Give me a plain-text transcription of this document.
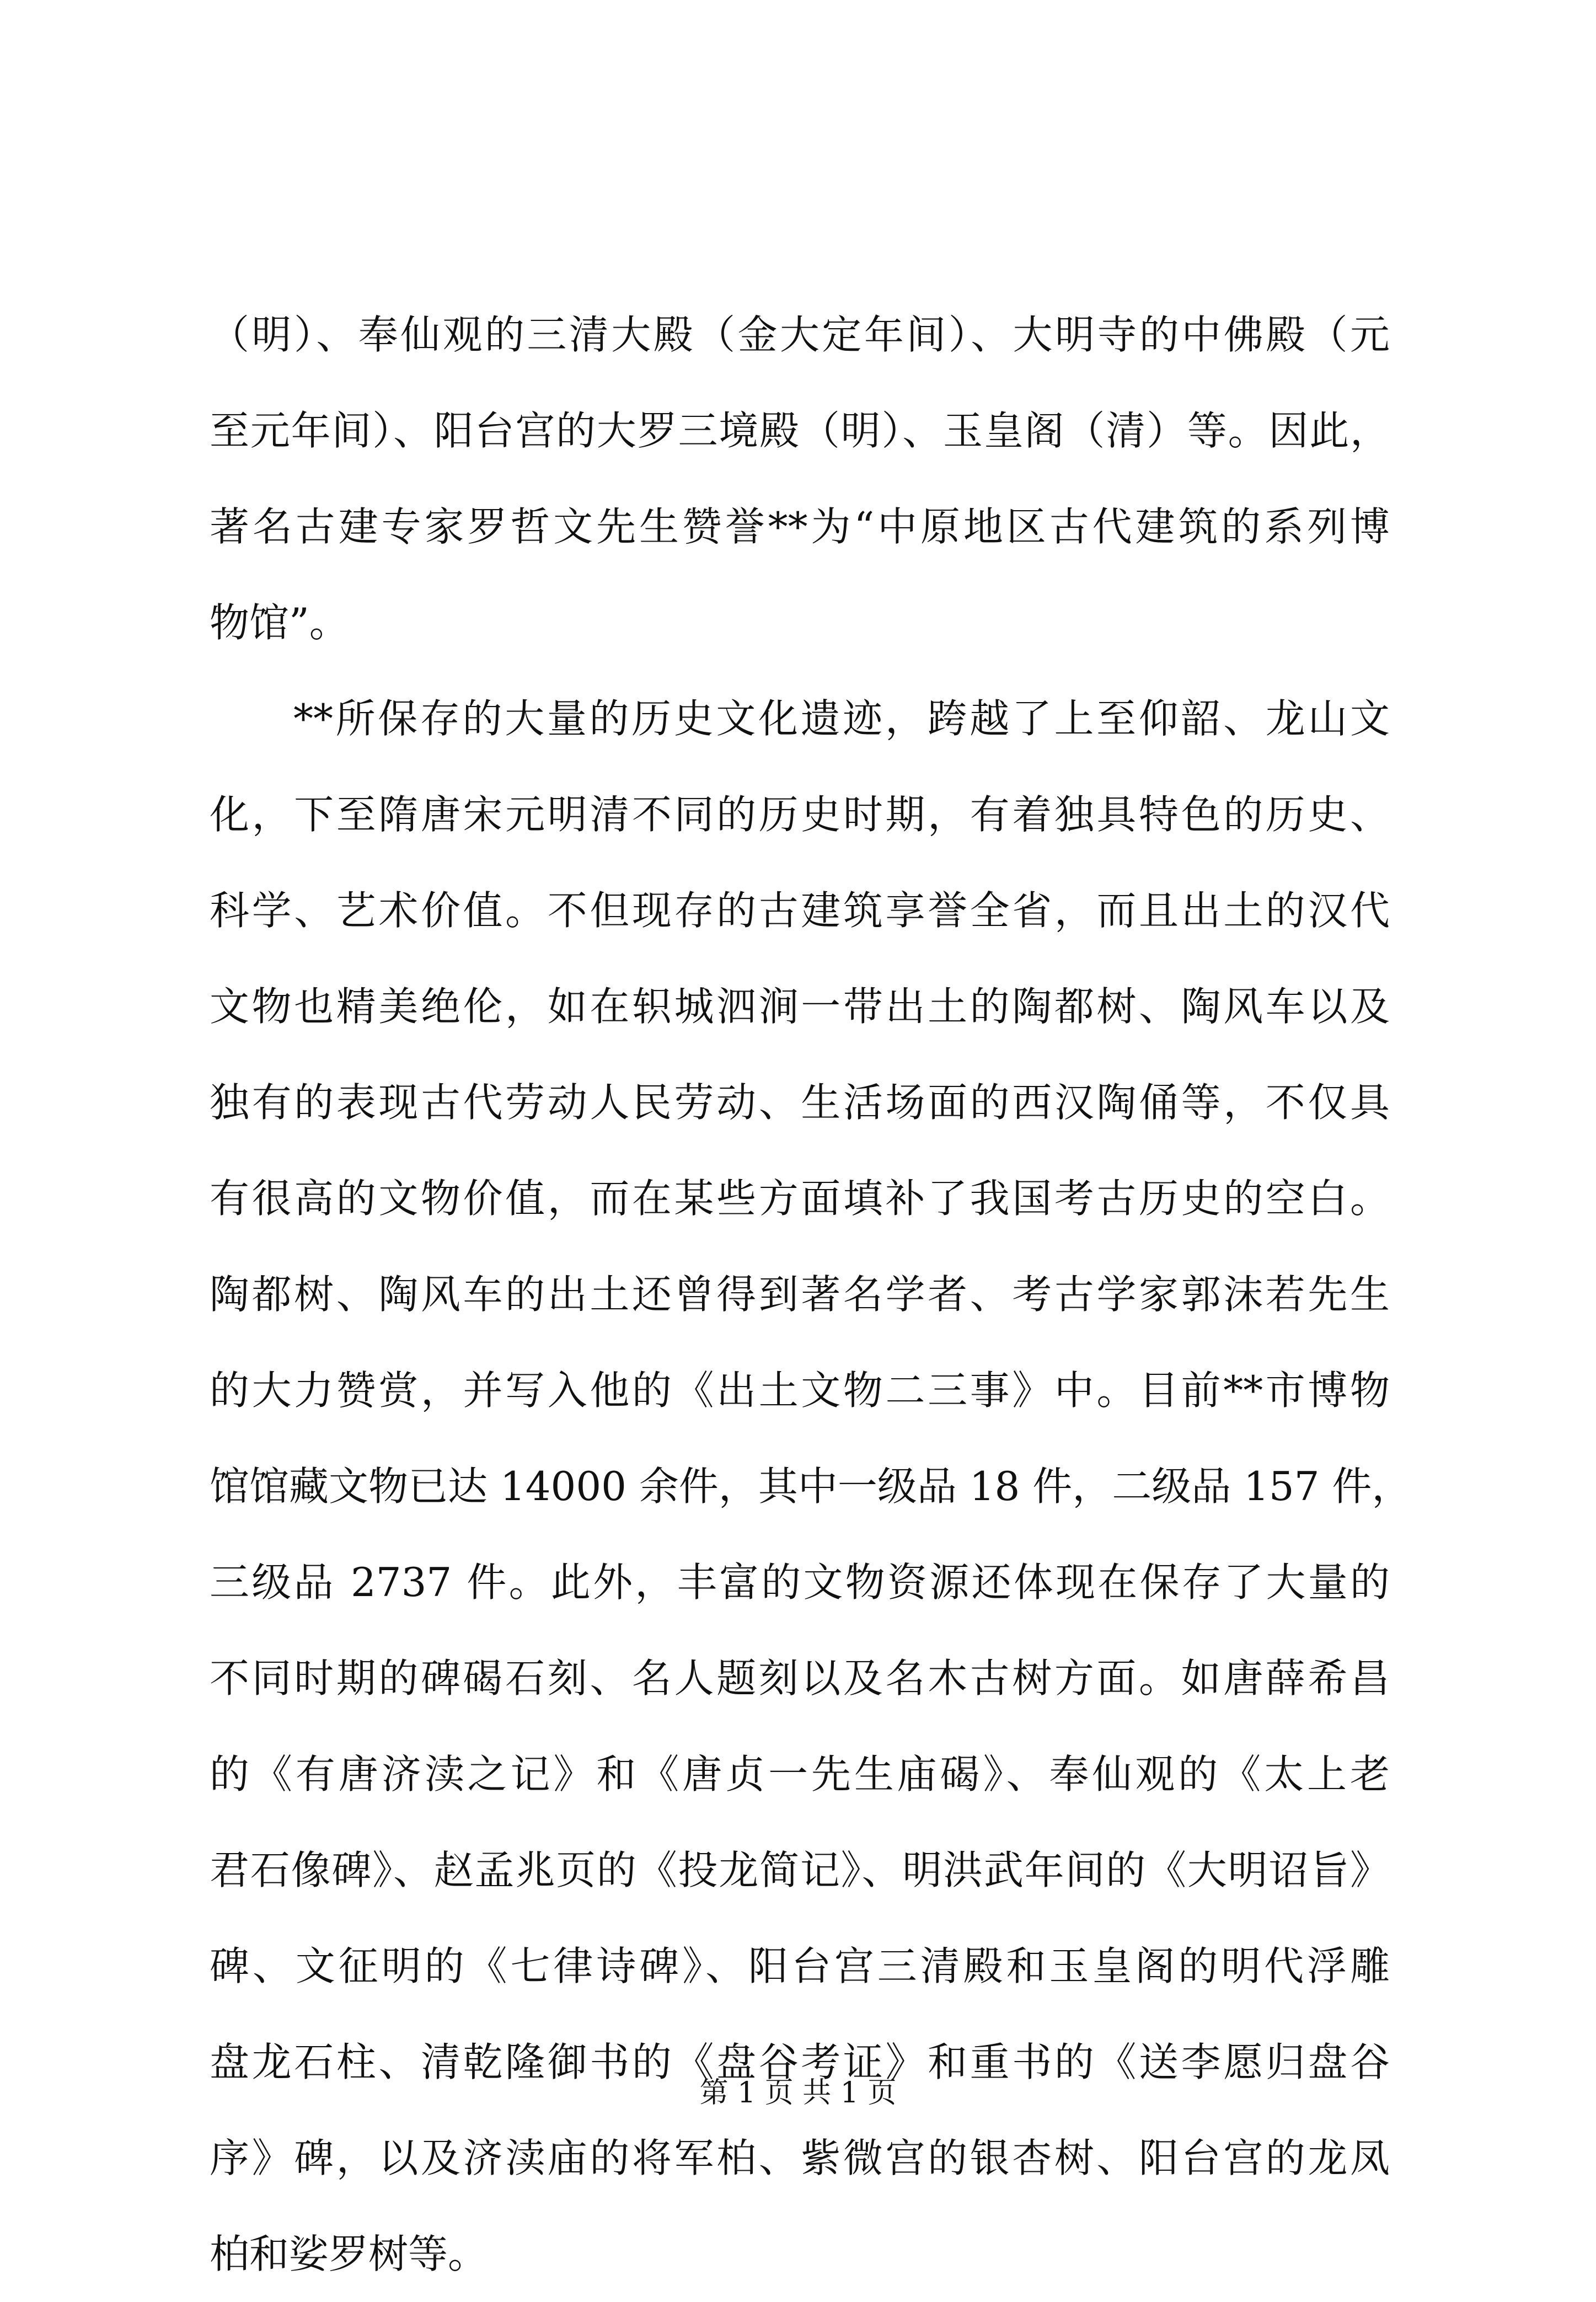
（明）、奉仙观的三清大殿（金大定年间）、大明寺的中佛殿（元
至元年间）、阳台宫的大罗三境殿（明）、玉皇阁（清）等。因此，
著名古建专家罗哲文先生赞誉**为“中原地区古代建筑的系列博
物馆”。
**所保存的大量的历史文化遗迹，跨越了上至仰韶、龙山文
化，下至隋唐宋元明清不同的历史时期，有着独具特色的历史、
科学、艺术价值。不但现存的古建筑享誉全省，而且出土的汉代
文物也精美绝伦，如在轵城泗涧一带出土的陶都树、陶风车以及
独有的表现古代劳动人民劳动、生活场面的西汉陶俑等，不仅具
有很高的文物价值，而在某些方面填补了我国考古历史的空白。
陶都树、陶风车的出土还曾得到著名学者、考古学家郭沫若先生
的大力赞赏，并写入他的《出土文物二三事》中。目前**市博物
馆馆藏文物已达 14000 余件，其中一级品 18 件，二级品 157 件，
三级品 2737 件。此外，丰富的文物资源还体现在保存了大量的
不同时期的碑碣石刻、名人题刻以及名木古树方面。如唐薛希昌
的《有唐济渎之记》和《唐贞一先生庙碣》、奉仙观的《太上老
君石像碑》、赵孟兆页的《投龙简记》、明洪武年间的《大明诏旨》
碑、文征明的《七律诗碑》、阳台宫三清殿和玉皇阁的明代浮雕
盘龙石柱、清乾隆御书的《盘谷考证》和重书的《送李愿归盘谷
序》碑，以及济渎庙的将军柏、紫微宫的银杏树、阳台宫的龙凤
柏和娑罗树等。
第 1 页 共 1 页
